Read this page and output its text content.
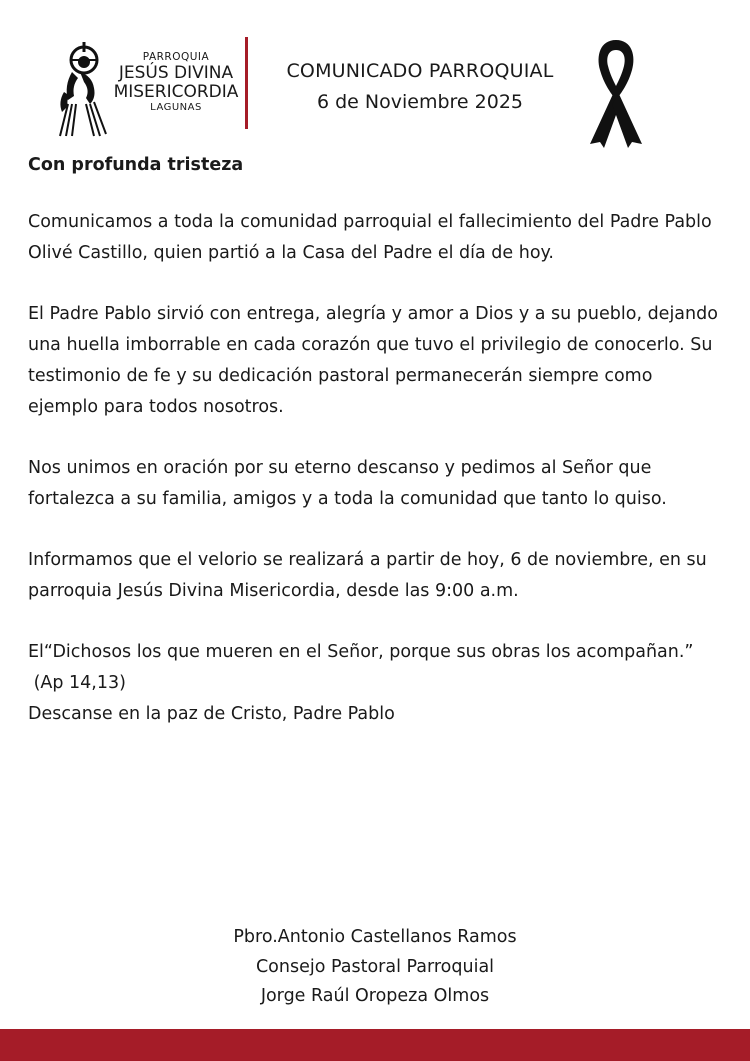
PARROQUIA
JESÚS DIVINA
MISERICORDIA
LAGUNAS
COMUNICADO PARROQUIAL
6 de Noviembre 2025
Con profunda tristeza
Comunicamos a toda la comunidad parroquial el fallecimiento del Padre Pablo Olivé Castillo, quien partió a la Casa del Padre el día de hoy.
El Padre Pablo sirvió con entrega, alegría y amor a Dios y a su pueblo, dejando una huella imborrable en cada corazón que tuvo el privilegio de conocerlo. Su testimonio de fe y su dedicación pastoral permanecerán siempre como ejemplo para todos nosotros.
Nos unimos en oración por su eterno descanso y pedimos al Señor que fortalezca a su familia, amigos y a toda la comunidad que tanto lo quiso.
Informamos que el velorio se realizará a partir de hoy, 6 de noviembre, en su parroquia Jesús Divina Misericordia, desde las 9:00 a.m.
El“Dichosos los que mueren en el Señor, porque sus obras los acompañan.”
(Ap 14,13)
Descanse en la paz de Cristo, Padre Pablo
Pbro.Antonio Castellanos Ramos
Consejo Pastoral Parroquial
Jorge Raúl Oropeza Olmos
